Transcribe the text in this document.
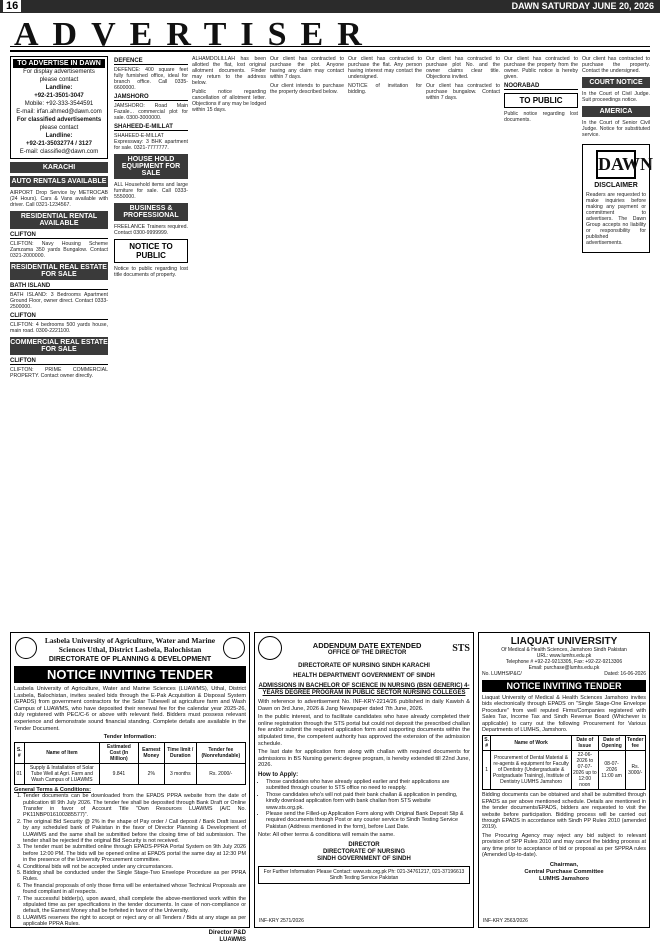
16	DAWN SATURDAY JUNE 20, 2026
ADVERTISER
TO ADVERTISE IN DAWN
For display advertisements
please contact
Landline:
+92-21-3501-3047
Mobile: +92-333-3544591
E-mail: irfan.ahmed@dawn.com
For classified advertisements
please contact
Landline:
+92-21-35032774 / 3127
E-mail: classified@dawn.com
KARACHI
AUTO RENTALS AVAILABLE

AIRPORT Drop Service by METROCAB (24 Hours). Cars & Vans available with driver. Call 0321-1234567.

RESIDENTIAL RENTAL AVAILABLE
CLIFTON

CLIFTON: Navy Housing Scheme Zamzama 350 yards Bungalow. Contact 0321-2000000.

RESIDENTIAL REAL ESTATE FOR SALE
BATH ISLAND

BATH ISLAND: 3 Bedrooms Apartment Ground Floor, owner direct. Contact 0333-2500000.

CLIFTON

CLIFTON: 4 bedrooms 500 yards house, main road. 0300-2221100.

COMMERCIAL REAL ESTATE FOR SALE
CLIFTON

CLIFTON: PRIME COMMERCIAL PROPERTY. Contact owner directly.

DEFENCE

DEFENCE: 400 square feet fully furnished office, ideal for branch office. Call 0335-6600000.

JAMSHORO

JAMSHORO: Road Main Fazale... commercial plot for sale. 0300-3000000.

SHAHEED-E-MILLAT

SHAHEED-E-MILLAT Expressway: 3 BHK apartment for sale. 0321-7777777.

HOUSE HOLD EQUIPMENT FOR SALE

ALL Household items and large furniture for sale. Call 0333-5550000.

BUSINESS & PROFESSIONAL

FREELANCE Trainers required. Contact 0300-9999999.

NOTICE TO PUBLIC

Notice to public regarding lost title documents of property.

ALHAMDOLILLAH has been allotted the flat, lost original allotment documents. Finder may return to the address below.

Public notice regarding cancellation of allotment letter. Objections if any may be lodged within 15 days.

Our client has contracted to purchase the plot. Anyone having any claim may contact within 7 days.

Our client intends to purchase the property described below.

Our client has contracted to purchase the flat. Any person having interest may contact the undersigned.

NOTICE of invitation for bidding.

Our client has contracted to purchase plot No. and the owner claims clear title. Objections invited.

Our client has contracted to purchase bungalow. Contact within 7 days.

Our client has contracted to purchase the property from the owner. Public notice is hereby given.

NOORABAD
TO PUBLIC

Public notice regarding lost documents.

Our client has contracted to purchase the property. Contact the undersigned.

COURT NOTICE

In the Court of Civil Judge. Suit proceedings notice.

AMERICA

In the Court of Senior Civil Judge. Notice for substituted service.

DAWN
DISCLAIMER

Readers are requested to make inquiries before making any payment or commitment to advertisers. The Dawn Group accepts no liability or responsibility for published advertisements.

Lasbela University of Agriculture, Water and Marine Sciences Uthal, District Lasbela, Balochistan
DIRECTORATE OF PLANNING & DEVELOPMENT
NOTICE INVITING TENDER
Lasbela University of Agriculture, Water and Marine Sciences (LUAWMS), Uthal, District Lasbela, Balochistan, invites sealed bids through the E-Pak Acquisition & Disposal System (EPADS) from government contractors for the Solar Tubewell at agriculture farm and Wash Campus of LUAWMS, who have deposited their renewal fee for the calendar year 2025-26, duly registered with PEC/C-6 or above with relevant field. Bidders must possess relevant experience and demonstrate sound financial standing. Complete details are available in the Tender Document.
Tender Information:
S. #	Name of Item	Estimated Cost (In Million)	Earnest Money	Time limit / Duration	Tender fee (Nonrefundable)
01	Supply & Installation of Solar Tube Well at Agri. Farm and Wash Campus of LUAWMS	9.841	2%	3 months	Rs. 2000/-
General Terms & Conditions:
1. Tender documents can be downloaded from the EPADS PPRA website from the date of publication till 9th July 2026. The tender fee shall be deposited through Bank Draft or Online Transfer in favor of Account Title "Own Resources LUAWMS (A/C No. PK11NBP016100385577)".
2. The original Bid Security @ 2% in the shape of Pay order / Call deposit / Bank Draft issued by any scheduled bank of Pakistan in the favor of Director Planning & Development of LUAWMS and the same shall be submitted before the closing time of bid submission. The tender shall be rejected if the original Bid Security is not received.
3. The tender must be submitted online through EPADS-PPRA Portal System on 9th July 2026 before 12:00 PM. The bids will be opened online at EPADS portal the same day at 12:30 PM in the presence of the University Procurement committee.
4. Conditional bids will not be accepted under any circumstances.
5. Bidding shall be conducted under the Single Stage-Two Envelope Procedure as per PPRA Rules.
6. The financial proposals of only those firms will be entertained whose Technical Proposals are found compliant in all respects.
7. The successful bidder(s), upon award, shall complete the above-mentioned work within the stipulated time as per specifications in the tender documents. In case of non-compliance or default, the Earnest Money shall be forfeited in favor of the University.
8. LUAWMS reserves the right to accept or reject any or all Tenders / Bids at any stage as per applicable PPRA Rules.
Director P&D
LUAWMS
ADDENDUM DATE EXTENDED
OFFICE OF THE DIRECTOR	STS
DIRECTORATE OF NURSING SINDH KARACHI
HEALTH DEPARTMENT GOVERNMENT OF SINDH
ADMISSIONS IN BACHELOR OF SCIENCE IN NURSING (BSN GENERIC) 4-YEARS DEGREE PROGRAM IN PUBLIC SECTOR NURSING COLLEGES
With reference to advertisement No. INF-KRY-2214/26 published in daily Kawish & Dawn on 3rd June, 2026 & Jang Newspaper dated 7th June, 2026.
In the public interest, and to facilitate candidates who have already completed their online registration through the STS portal but could not deposit the prescribed challan fee and/or submit the required application form and supporting documents within the stipulated time, the competent authority has approved the extension of the admission schedule.
The last date for application form along with challan with required documents for admissions in BS Nursing generic degree program, is hereby extended till 22nd June, 2026.
How to Apply:
• Those candidates who have already applied earlier and their applications are submitted through courier to STS office no need to reapply.
• Those candidates who's will not paid their bank challan & application in pending, kindly download application form with bank challan from STS website www.sts.org.pk.
• Please send the Filled-up Application Form along with Original Bank Deposit Slip & required documents through Post or any courier service to Sindh Testing Service Pakistan (Address mentioned in the form), before Last Date.
Note: All other terms & conditions will remain the same.
DIRECTOR
DIRECTORATE OF NURSING
SINDH GOVERNMENT OF SINDH
For Further Information Please Contact: www.sts.org.pk Ph: 021-34761217, 021-37196613 Sindh Testing Service Pakistan
INF-KRY 2571/2026
LIAQUAT UNIVERSITY
Of Medical & Health Sciences, Jamshoro Sindh Pakistan
URL: www.lumhs.edu.pk
Telephone # +92-22-9213305, Fax: +92-22-9213306
Email: purchase@lumhs.edu.pk
No. LUMHS/P&C/	Dated: 16-06-2026
NOTICE INVITING TENDER
Liaquat University of Medical & Health Sciences Jamshoro invites bids electronically through EPADS on "Single Stage-One Envelope Procedure" from well reputed Firms/Companies registered with Sales Tax, Income Tax and Sindh Revenue Board (Whichever is applicable) to carry out the following Procurement for Various Departments of LUMHS, Jamshoro.
S. #	Name of Work	Date of Issue	Date of Opening	Tender fee
1	Procurement of Dental Material & re-agents & equipment for Faculty of Dentistry (Undergraduate & Postgraduate Training), Institute of Dentistry LUMHS Jamshoro	22-06-2026 to 07-07-2026 up to 12:00 noon	08-07-2026 11:00 am	Rs. 3000/-
Bidding documents can be obtained and shall be submitted through EPADS as per above mentioned schedule. Details are mentioned in the tender documents/EPADS, bidders are requested to visit the website before participation. Bidding process will be carried out through EPADS in accordance with Sindh PP Rules 2010 (amended 2019).
The Procuring Agency may reject any bid subject to relevant provision of SPP Rules 2010 and may cancel the bidding process at any time prior to acceptance of bid or proposal as per SPPRA rules (Amended Up-to-date).
Chairman,
Central Purchase Committee
LUMHS Jamshoro
INF-KRY 2563/2026
